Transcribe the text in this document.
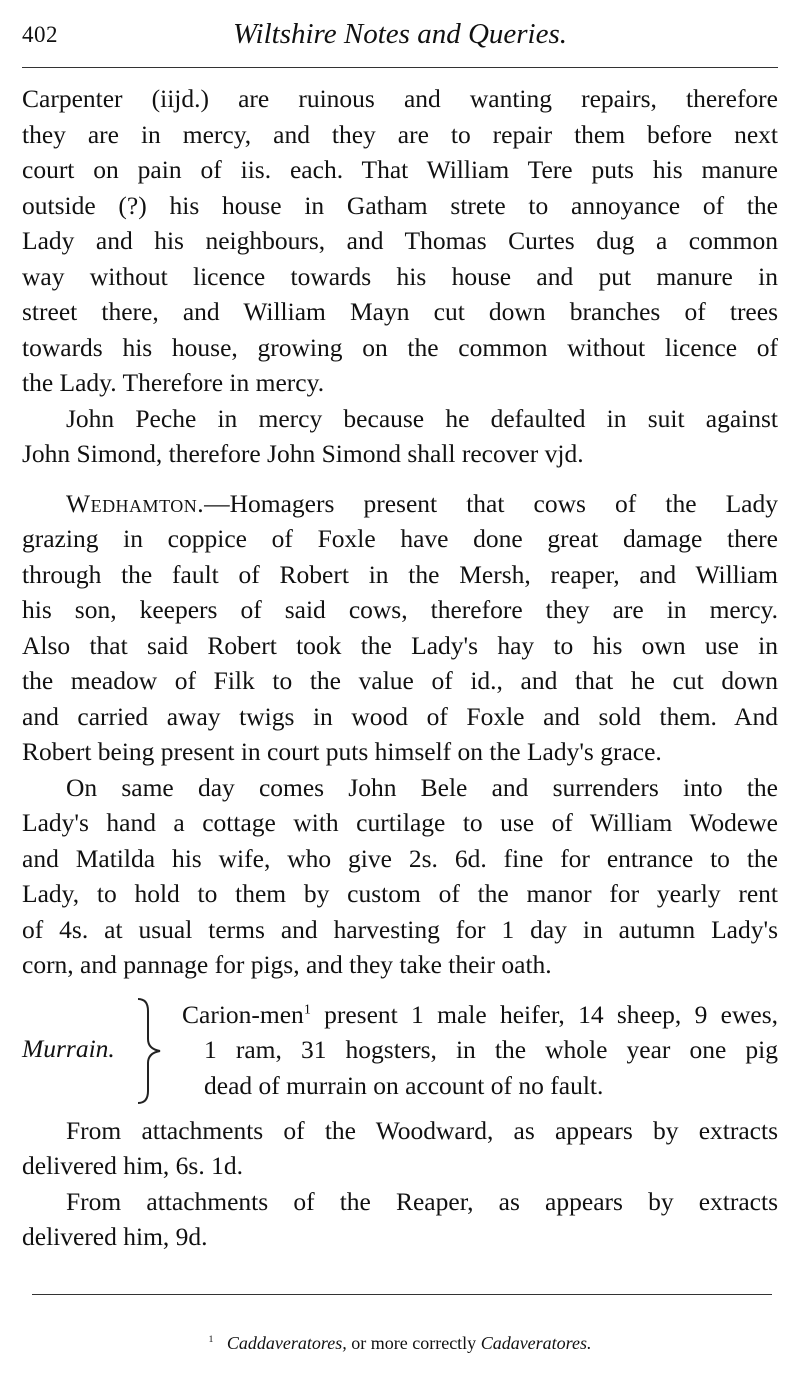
402	Wiltshire Notes and Queries.

Carpenter (iijd.) are ruinous and wanting repairs, therefore
they are in mercy, and they are to repair them before next
court on pain of iis. each. That William Tere puts his manure
outside (?) his house in Gatham strete to annoyance of the
Lady and his neighbours, and Thomas Curtes dug a common
way without licence towards his house and put manure in
street there, and William Mayn cut down branches of trees
towards his house, growing on the common without licence of
the Lady. Therefore in mercy.

John Peche in mercy because he defaulted in suit against
John Simond, therefore John Simond shall recover vjd.

Wedhamton.—Homagers present that cows of the Lady
grazing in coppice of Foxle have done great damage there
through the fault of Robert in the Mersh, reaper, and William
his son, keepers of said cows, therefore they are in mercy.
Also that said Robert took the Lady's hay to his own use in
the meadow of Filk to the value of id., and that he cut down
and carried away twigs in wood of Foxle and sold them. And
Robert being present in court puts himself on the Lady's grace.

On same day comes John Bele and surrenders into the
Lady's hand a cottage with curtilage to use of William Wodewe
and Matilda his wife, who give 2s. 6d. fine for entrance to the
Lady, to hold to them by custom of the manor for yearly rent
of 4s. at usual terms and harvesting for 1 day in autumn Lady's
corn, and pannage for pigs, and they take their oath.

Murrain.
Carion-men$^1$ present 1 male heifer, 14 sheep, 9 ewes,
1 ram, 31 hogsters, in the whole year one pig
dead of murrain on account of no fault.

From attachments of the Woodward, as appears by extracts
delivered him, 6s. 1d.

From attachments of the Reaper, as appears by extracts
delivered him, 9d.

$^1$ Caddaveratores, or more correctly Cadaveratores.
